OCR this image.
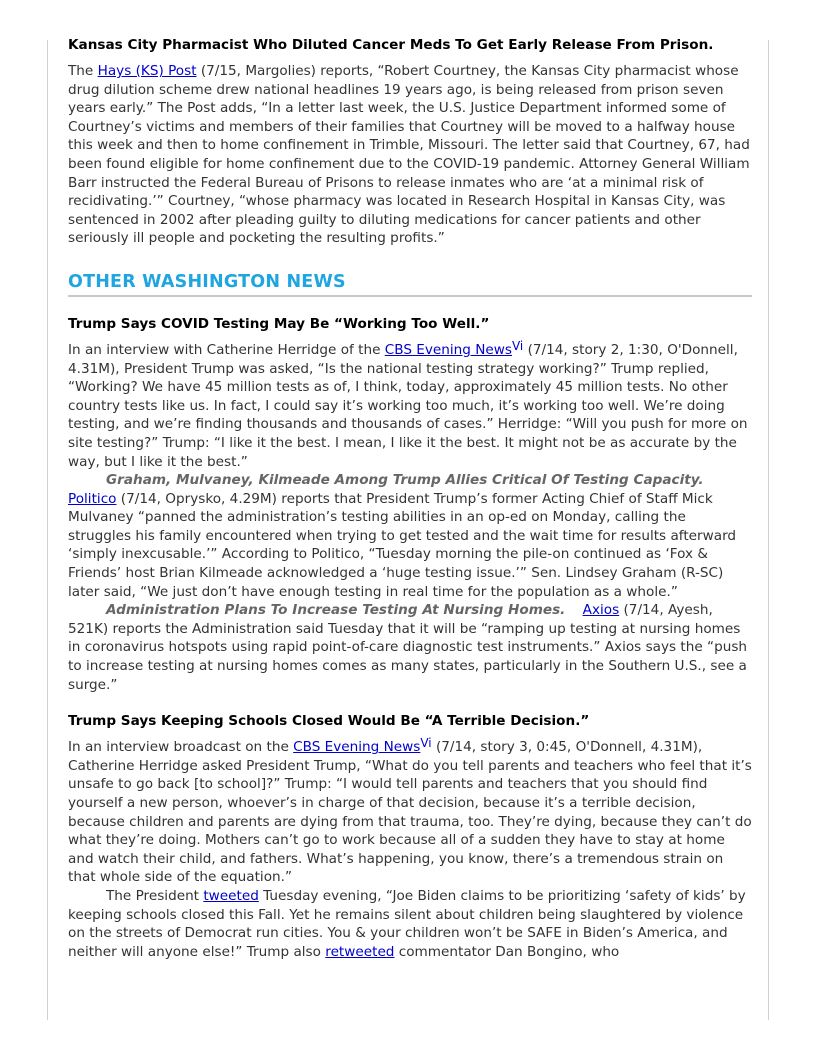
Kansas City Pharmacist Who Diluted Cancer Meds To Get Early Release From Prison.

The Hays (KS) Post (7/15, Margolies) reports, “Robert Courtney, the Kansas City pharmacist whose drug dilution scheme drew national headlines 19 years ago, is being released from prison seven years early.” The Post adds, “In a letter last week, the U.S. Justice Department informed some of Courtney’s victims and members of their families that Courtney will be moved to a halfway house this week and then to home confinement in Trimble, Missouri. The letter said that Courtney, 67, had been found eligible for home confinement due to the COVID-19 pandemic. Attorney General William Barr instructed the Federal Bureau of Prisons to release inmates who are ‘at a minimal risk of recidivating.’” Courtney, “whose pharmacy was located in Research Hospital in Kansas City, was sentenced in 2002 after pleading guilty to diluting medications for cancer patients and other seriously ill people and pocketing the resulting profits.”

OTHER WASHINGTON NEWS
Trump Says COVID Testing May Be “Working Too Well.”

In an interview with Catherine Herridge of the CBS Evening News$^{Vi}$ (7/14, story 2, 1:30, O'Donnell, 4.31M), President Trump was asked, “Is the national testing strategy working?” Trump replied, “Working? We have 45 million tests as of, I think, today, approximately 45 million tests. No other country tests like us. In fact, I could say it’s working too much, it’s working too well. We’re doing testing, and we’re finding thousands and thousands of cases.” Herridge: “Will you push for more on site testing?” Trump: “I like it the best. I mean, I like it the best. It might not be as accurate by the way, but I like it the best.”

Graham, Mulvaney, Kilmeade Among Trump Allies Critical Of Testing Capacity. Politico (7/14, Oprysko, 4.29M) reports that President Trump’s former Acting Chief of Staff Mick Mulvaney “panned the administration’s testing abilities in an op-ed on Monday, calling the struggles his family encountered when trying to get tested and the wait time for results afterward ‘simply inexcusable.’” According to Politico, “Tuesday morning the pile-on continued as ‘Fox & Friends’ host Brian Kilmeade acknowledged a ‘huge testing issue.’” Sen. Lindsey Graham (R-SC) later said, “We just don’t have enough testing in real time for the population as a whole.”

Administration Plans To Increase Testing At Nursing Homes. Axios (7/14, Ayesh, 521K) reports the Administration said Tuesday that it will be “ramping up testing at nursing homes in coronavirus hotspots using rapid point-of-care diagnostic test instruments.” Axios says the “push to increase testing at nursing homes comes as many states, particularly in the Southern U.S., see a surge.”

Trump Says Keeping Schools Closed Would Be “A Terrible Decision.”

In an interview broadcast on the CBS Evening News$^{Vi}$ (7/14, story 3, 0:45, O'Donnell, 4.31M), Catherine Herridge asked President Trump, “What do you tell parents and teachers who feel that it’s unsafe to go back [to school]?” Trump: “I would tell parents and teachers that you should find yourself a new person, whoever’s in charge of that decision, because it’s a terrible decision, because children and parents are dying from that trauma, too. They’re dying, because they can’t do what they’re doing. Mothers can’t go to work because all of a sudden they have to stay at home and watch their child, and fathers. What’s happening, you know, there’s a tremendous strain on that whole side of the equation.”

The President tweeted Tuesday evening, “Joe Biden claims to be prioritizing ‘safety of kids’ by keeping schools closed this Fall. Yet he remains silent about children being slaughtered by violence on the streets of Democrat run cities. You & your children won’t be SAFE in Biden’s America, and neither will anyone else!” Trump also retweeted commentator Dan Bongino, who
